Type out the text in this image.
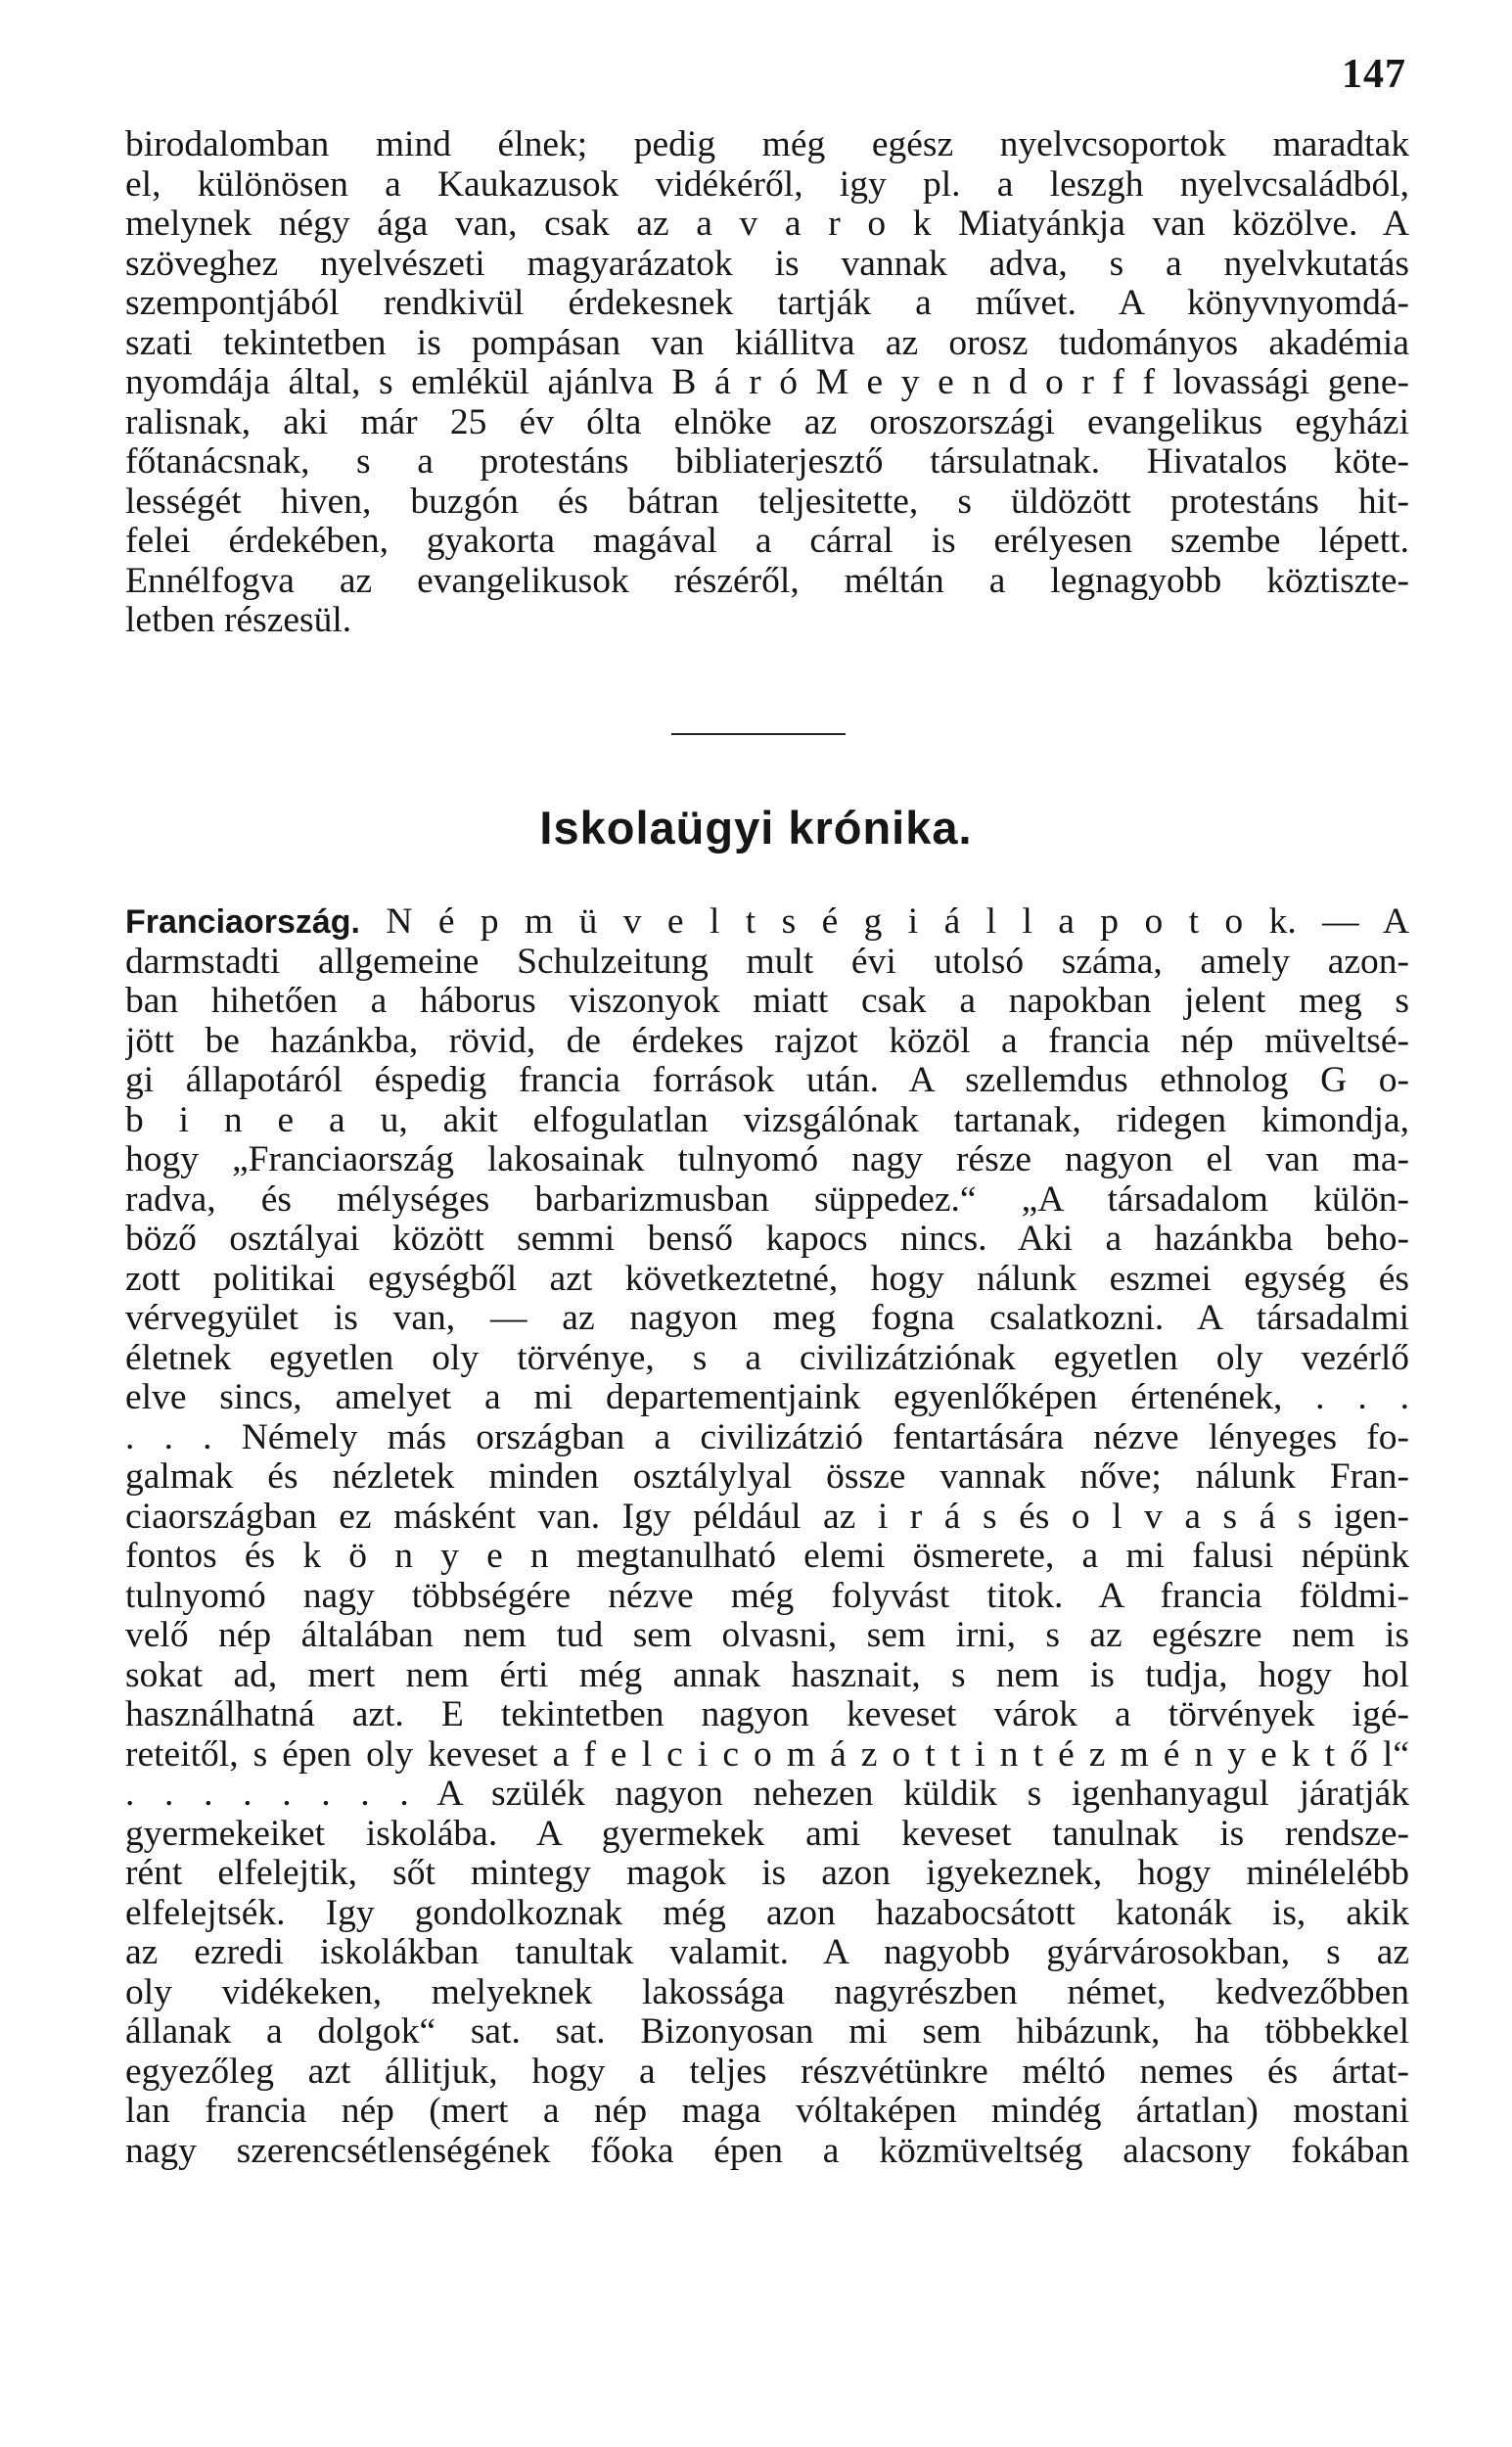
147
birodalomban mind élnek; pedig még egész nyelvcsoportok maradtak
el, különösen a Kaukazusok vidékéről, igy pl. a leszgh nyelvcsaládból,
melynek négy ága van, csak az a v a r o k Miatyánkja van közölve. A
szöveghez nyelvészeti magyarázatok is vannak adva, s a nyelvkutatás
szempontjából rendkivül érdekesnek tartják a művet. A könyvnyomdá-
szati tekintetben is pompásan van kiállitva az orosz tudományos akadémia
nyomdája által, s emlékül ajánlva B á r ó M e y e n d o r f f lovassági gene-
ralisnak, aki már 25 év ólta elnöke az oroszországi evangelikus egyházi
főtanácsnak, s a protestáns bibliaterjesztő társulatnak. Hivatalos köte-
lességét hiven, buzgón és bátran teljesitette, s üldözött protestáns hit-
felei érdekében, gyakorta magával a cárral is erélyesen szembe lépett.
Ennélfogva az evangelikusok részéről, méltán a legnagyobb köztiszte-
letben részesül.
Iskolaügyi krónika.
Franciaország. N é p m ü v e l t s é g i á l l a p o t o k. — A
darmstadti allgemeine Schulzeitung mult évi utolsó száma, amely azon-
ban hihetően a háborus viszonyok miatt csak a napokban jelent meg s
jött be hazánkba, rövid, de érdekes rajzot közöl a francia nép müveltsé-
gi állapotáról éspedig francia források után. A szellemdus ethnolog G o-
b i n e a u, akit elfogulatlan vizsgálónak tartanak, ridegen kimondja,
hogy „Franciaország lakosainak tulnyomó nagy része nagyon el van ma-
radva, és mélységes barbarizmusban süppedez.“ „A társadalom külön-
böző osztályai között semmi benső kapocs nincs. Aki a hazánkba beho-
zott politikai egységből azt következtetné, hogy nálunk eszmei egység és
vérvegyület is van, — az nagyon meg fogna csalatkozni. A társadalmi
életnek egyetlen oly törvénye, s a civilizátziónak egyetlen oly vezérlő
elve sincs, amelyet a mi departementjaink egyenlőképen értenének, . . .
. . . Némely más országban a civilizátzió fentartására nézve lényeges fo-
galmak és nézletek minden osztálylyal össze vannak nőve; nálunk Fran-
ciaországban ez másként van. Igy például az i r á s és o l v a s á s igen-
fontos és k ö n y e n megtanulható elemi ösmerete, a mi falusi népünk
tulnyomó nagy többségére nézve még folyvást titok. A francia földmi-
velő nép általában nem tud sem olvasni, sem irni, s az egészre nem is
sokat ad, mert nem érti még annak hasznait, s nem is tudja, hogy hol
használhatná azt. E tekintetben nagyon keveset várok a törvények igé-
reteitől, s épen oly keveset a f e l c i c o m á z o t t i n t é z m é n y e k t ő l“
. . . . . . . . A szülék nagyon nehezen küldik s igenhanyagul járatják
gyermekeiket iskolába. A gyermekek ami keveset tanulnak is rendsze-
rént elfelejtik, sőt mintegy magok is azon igyekeznek, hogy minélelébb
elfelejtsék. Igy gondolkoznak még azon hazabocsátott katonák is, akik
az ezredi iskolákban tanultak valamit. A nagyobb gyárvárosokban, s az
oly vidékeken, melyeknek lakossága nagyrészben német, kedvezőbben
állanak a dolgok“ sat. sat. Bizonyosan mi sem hibázunk, ha többekkel
egyezőleg azt állitjuk, hogy a teljes részvétünkre méltó nemes és ártat-
lan francia nép (mert a nép maga vóltaképen mindég ártatlan) mostani
nagy szerencsétlenségének főoka épen a közmüveltség alacsony fokában
